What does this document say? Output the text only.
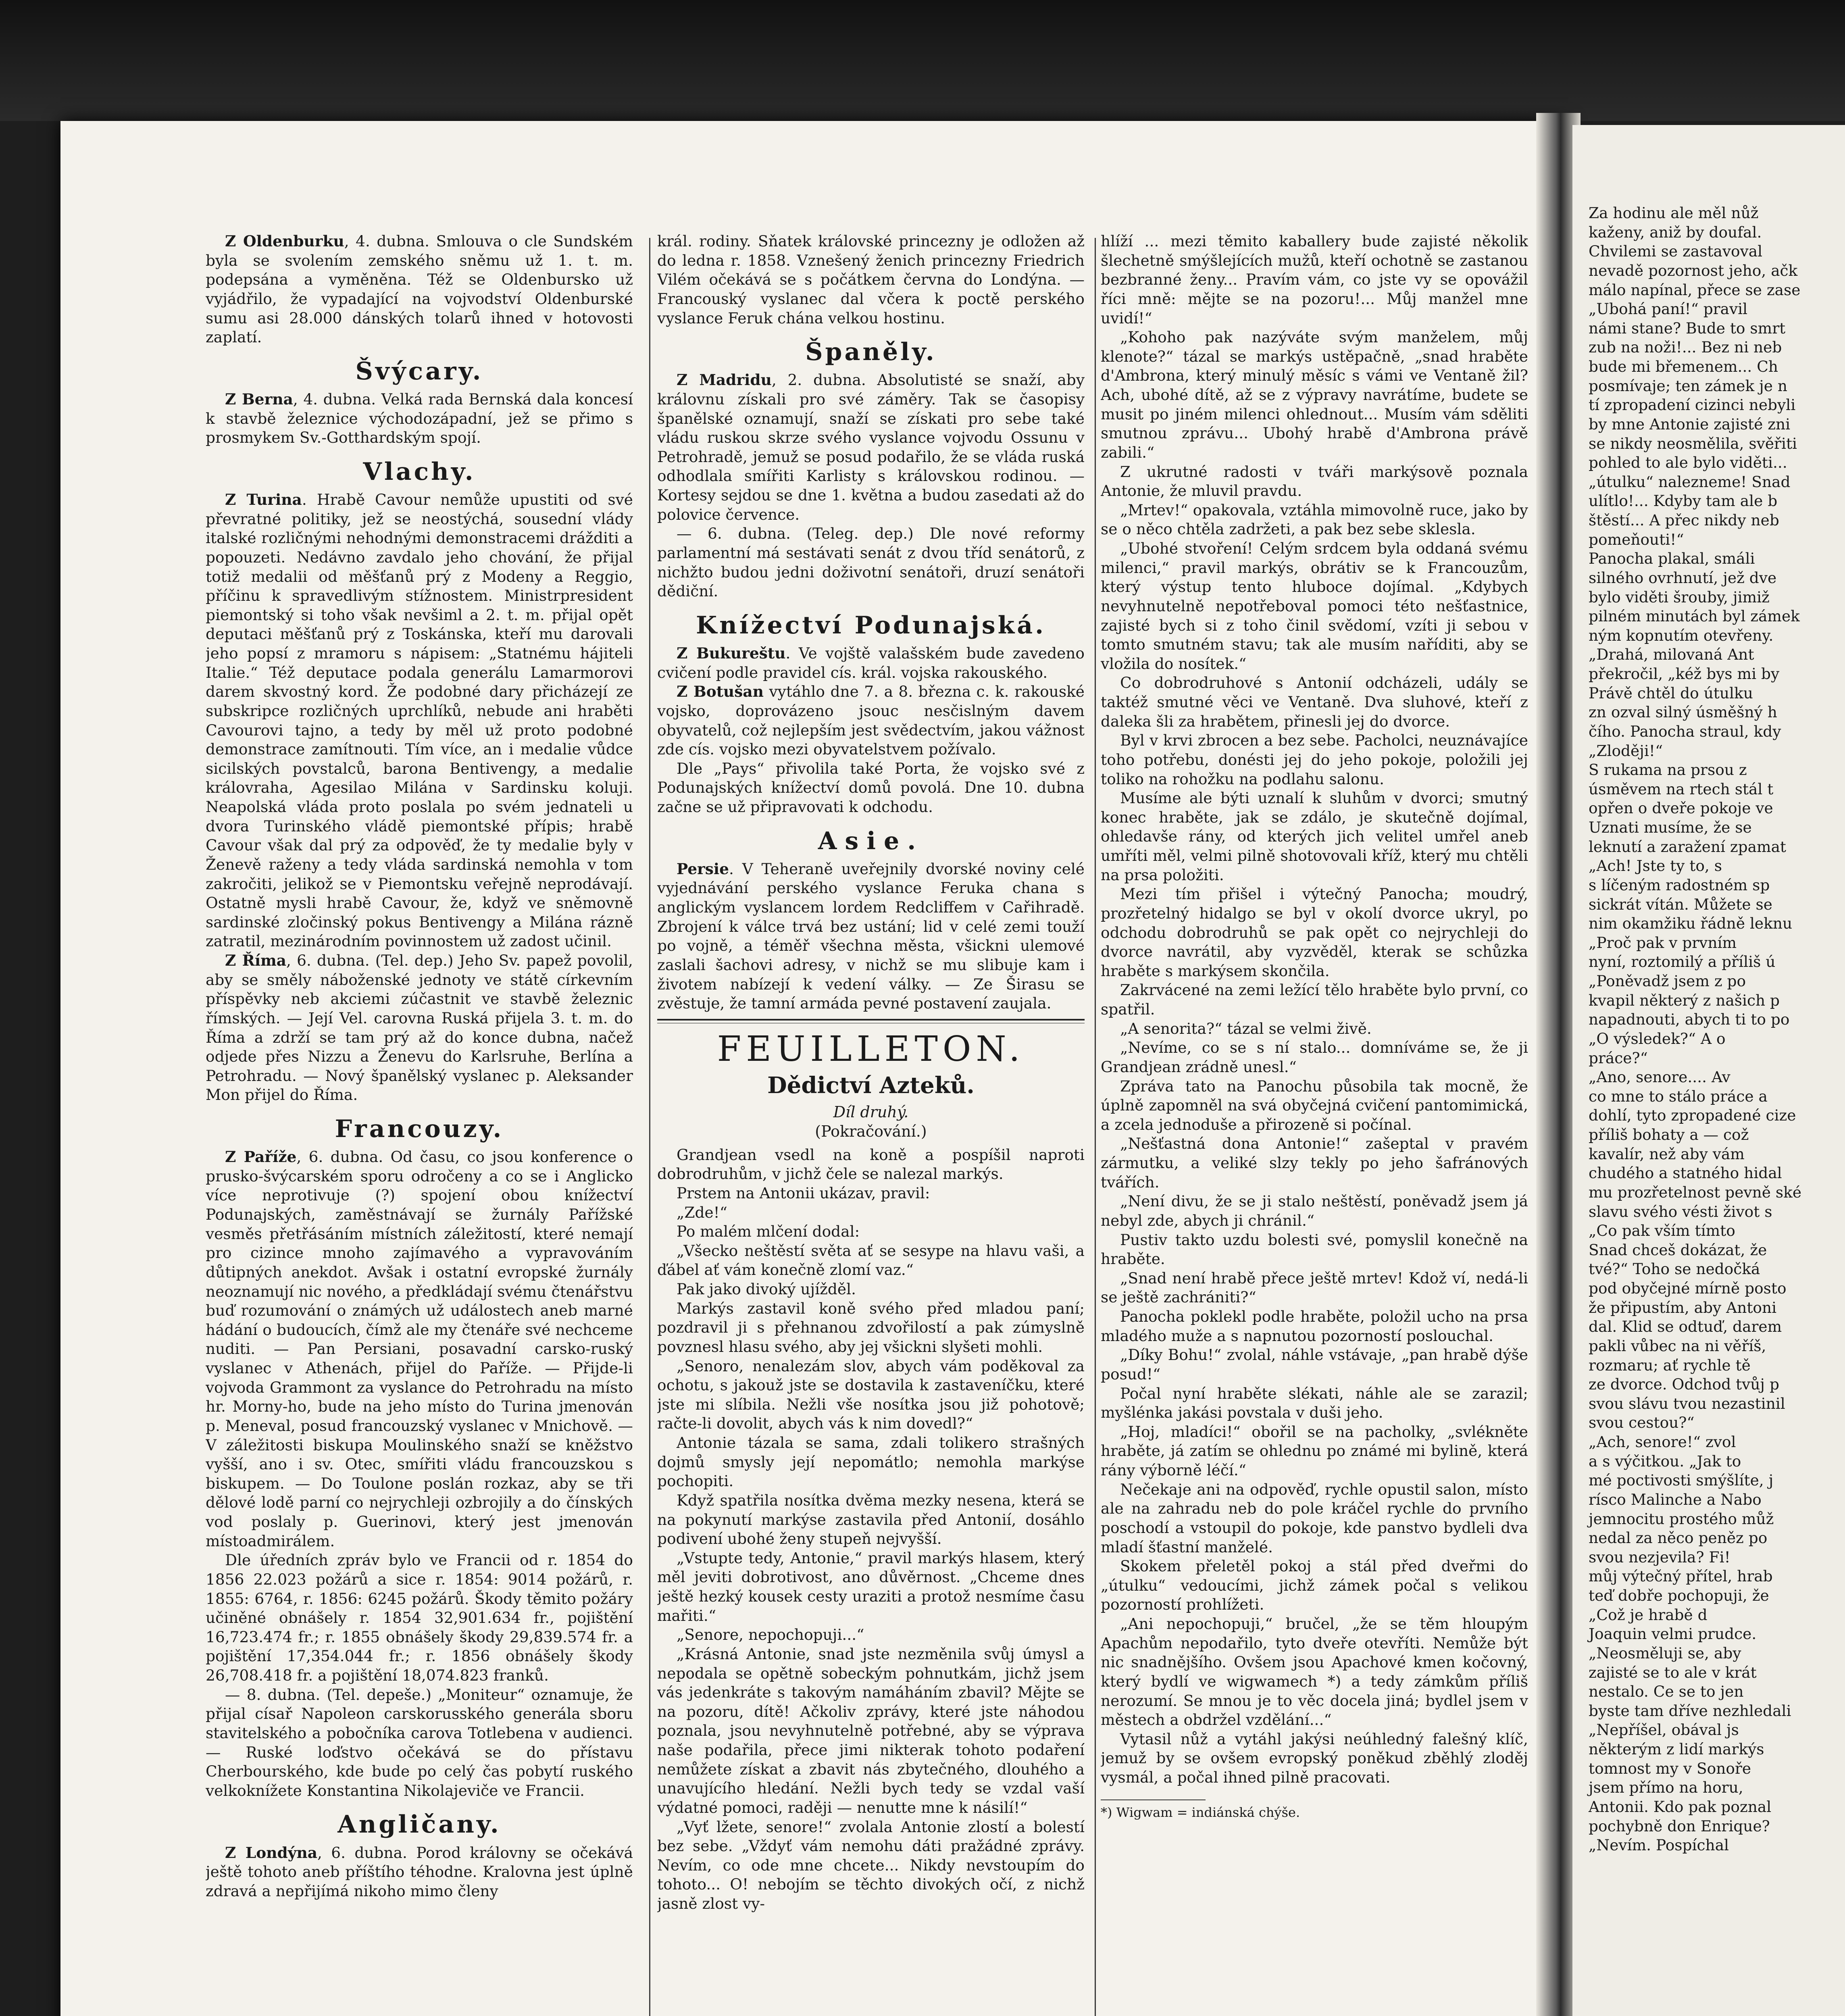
Z Oldenburku, 4. dubna. Smlouva o cle Sundském byla se svolením zemského sněmu už 1. t. m. podepsána a vyměněna. Též se Oldenbursko už vyjádřilo, že vypadající na vojvodství Oldenburské sumu asi 28.000 dánských tolarů ihned v hotovosti zaplatí.

Švýcary.

Z Berna, 4. dubna. Velká rada Bernská dala koncesí k stavbě železnice východozápadní, jež se přimo s prosmykem Sv.-Gotthardským spojí.

Vlachy.

Z Turina. Hrabě Cavour nemůže upustiti od své převratné politiky, jež se neostýchá, sousední vlády italské rozličnými nehodnými demonstracemi drážditi a popouzeti. Nedávno zavdalo jeho chování, že přijal totiž medalii od měšťanů prý z Modeny a Reggio, příčinu k spravedlivým stížnostem. Ministrpresident piemontský si toho však nevšiml a 2. t. m. přijal opět deputaci měšťanů prý z Toskánska, kteří mu darovali jeho popsí z mramoru s nápisem: „Statnému hájiteli Italie.“ Též deputace podala generálu Lamarmorovi darem skvostný kord. Že podobné dary přicházejí ze subskripce rozličných uprchlíků, nebude ani hraběti Cavourovi tajno, a tedy by měl už proto podobné demonstrace zamítnouti. Tím více, an i medalie vůdce sicilských povstalců, barona Bentivengy, a medalie královraha, Agesilao Milána v Sardinsku koluji. Neapolská vláda proto poslala po svém jednateli u dvora Turinského vládě piemontské přípis; hrabě Cavour však dal prý za odpověď, že ty medalie byly v Ženevě raženy a tedy vláda sardinská nemohla v tom zakročiti, jelikož se v Piemontsku veřejně neprodávají. Ostatně mysli hrabě Cavour, že, když ve sněmovně sardinské zločinský pokus Bentivengy a Milána rázně zatratil, mezinárodním povinnostem už zadost učinil.

Z Říma, 6. dubna. (Tel. dep.) Jeho Sv. papež povolil, aby se směly náboženské jednoty ve státě církevním příspěvky neb akciemi zúčastnit ve stavbě železnic římských. — Její Vel. carovna Ruská přijela 3. t. m. do Říma a zdrží se tam prý až do konce dubna, načež odjede přes Nizzu a Ženevu do Karlsruhe, Berlína a Petrohradu. — Nový španělský vyslanec p. Aleksander Mon přijel do Říma.

Francouzy.

Z Paříže, 6. dubna. Od času, co jsou konference o prusko-švýcarském sporu odročeny a co se i Anglicko více neprotivuje (?) spojení obou knížectví Podunajských, zaměstnávají se žurnály Pařížské vesměs přetřásáním místních záležitostí, které nemají pro cizince mnoho zajímavého a vypravováním důtipných anekdot. Avšak i ostatní evropské žurnály neoznamují nic nového, a předkládají svému čtenářstvu buď rozumování o známých už událostech aneb marné hádání o budoucích, čímž ale my čtenáře své nechceme nuditi. — Pan Persiani, posavadní carsko-ruský vyslanec v Athenách, přijel do Paříže. — Přijde-li vojvoda Grammont za vyslance do Petrohradu na místo hr. Morny-ho, bude na jeho místo do Turina jmenován p. Meneval, posud francouzský vyslanec v Mnichově. — V záležitosti biskupa Moulinského snaží se kněžstvo vyšší, ano i sv. Otec, smířiti vládu francouzskou s biskupem. — Do Toulone poslán rozkaz, aby se tři dělové lodě parní co nejrychleji ozbrojily a do čínských vod poslaly p. Guerinovi, který jest jmenován místoadmirálem.

Dle úředních zpráv bylo ve Francii od r. 1854 do 1856 22.023 požárů a sice r. 1854: 9014 požárů, r. 1855: 6764, r. 1856: 6245 požárů. Škody těmito požáry učiněné obnášely r. 1854 32,901.634 fr., pojištění 16,723.474 fr.; r. 1855 obnášely škody 29,839.574 fr. a pojištění 17,354.044 fr.; r. 1856 obnášely škody 26,708.418 fr. a pojištění 18,074.823 franků.

— 8. dubna. (Tel. depeše.) „Moniteur“ oznamuje, že přijal císař Napoleon carskorusského generála sboru stavitelského a pobočníka carova Totlebena v audienci. — Ruské loďstvo očekává se do přístavu Cherbourského, kde bude po celý čas pobytí ruského velkoknížete Konstantina Nikolajeviče ve Francii.

Angličany.

Z Londýna, 6. dubna. Porod královny se očekává ještě tohoto aneb příštího téhodne. Kralovna jest úplně zdravá a nepřijímá nikoho mimo členy

král. rodiny. Sňatek královské princezny je odložen až do ledna r. 1858. Vznešený ženich princezny Friedrich Vilém očekává se s počátkem června do Londýna. — Francouský vyslanec dal včera k poctě perského vyslance Feruk chána velkou hostinu.

Španěly.

Z Madridu, 2. dubna. Absolutisté se snaží, aby královnu získali pro své záměry. Tak se časopisy španělské oznamují, snaží se získati pro sebe také vládu ruskou skrze svého vyslance vojvodu Ossunu v Petrohradě, jemuž se posud podařilo, že se vláda ruská odhodlala smířiti Karlisty s královskou rodinou. — Kortesy sejdou se dne 1. května a budou zasedati až do polovice července.

— 6. dubna. (Teleg. dep.) Dle nové reformy parlamentní má sestávati senát z dvou tříd senátorů, z nichžto budou jedni doživotní senátoři, druzí senátoři dědiční.

Knížectví Podunajská.

Z Bukureštu. Ve vojště valašském bude zavedeno cvičení podle pravidel cís. král. vojska rakouského.

Z Botušan vytáhlo dne 7. a 8. března c. k. rakouské vojsko, doprovázeno jsouc nesčislným davem obyvatelů, což nejlepším jest svědectvím, jakou vážnost zde cís. vojsko mezi obyvatelstvem požívalo.

Dle „Pays“ přivolila také Porta, že vojsko své z Podunajských knížectví domů povolá. Dne 10. dubna začne se už připravovati k odchodu.

Asie.

Persie. V Teheraně uveřejnily dvorské noviny celé vyjednávání perského vyslance Feruka chana s anglickým vyslancem lordem Redcliffem v Cařihradě. Zbrojení k válce trvá bez ustání; lid v celé zemi touží po vojně, a téměř všechna města, všickni ulemové zaslali šachovi adresy, v nichž se mu slibuje kam i životem nabízejí k vedení války. — Ze Širasu se zvěstuje, že tamní armáda pevné postavení zaujala.

FEUILLETON.
Dědictví Azteků.
Díl druhý.
(Pokračování.)

Grandjean vsedl na koně a pospíšil naproti dobrodruhům, v jichž čele se nalezal markýs.

Prstem na Antonii ukázav, pravil:

„Zde!“

Po malém mlčení dodal:

„Všecko neštěstí světa ať se sesype na hlavu vaši, a ďábel ať vám konečně zlomí vaz.“

Pak jako divoký ujížděl.

Markýs zastavil koně svého před mladou paní; pozdravil ji s přehnanou zdvořilostí a pak zúmyslně povznesl hlasu svého, aby jej všickni slyšeti mohli.

„Senoro, nenalezám slov, abych vám poděkoval za ochotu, s jakouž jste se dostavila k zastaveníčku, které jste mi slíbila. Nežli vše nosítka jsou již pohotově; račte-li dovolit, abych vás k nim dovedl?“

Antonie tázala se sama, zdali tolikero strašných dojmů smysly její nepomátlo; nemohla markýse pochopiti.

Když spatřila nosítka dvěma mezky nesena, která se na pokynutí markýse zastavila před Antonií, dosáhlo podivení ubohé ženy stupeň nejvyšší.

„Vstupte tedy, Antonie,“ pravil markýs hlasem, který měl jeviti dobrotivost, ano důvěrnost. „Chceme dnes ještě hezký kousek cesty uraziti a protož nesmíme času mařiti.“

„Senore, nepochopuji...“

„Krásná Antonie, snad jste nezměnila svůj úmysl a nepodala se opětně sobeckým pohnutkám, jichž jsem vás jedenkráte s takovým namáháním zbavil? Mějte se na pozoru, dítě! Ačkoliv zprávy, které jste náhodou poznala, jsou nevyhnutelně potřebné, aby se výprava naše podařila, přece jimi nikterak tohoto podaření nemůžete získat a zbavit nás zbytečného, dlouhého a unavujícího hledání. Nežli bych tedy se vzdal vaší výdatné pomoci, raději — nenutte mne k násilí!“

„Vyť lžete, senore!“ zvolala Antonie zlostí a bolestí bez sebe. „Vždyť vám nemohu dáti pražádné zprávy. Nevím, co ode mne chcete... Nikdy nevstoupím do tohoto... O! nebojím se těchto divokých očí, z nichž jasně zlost vy-

hlíží ... mezi těmito kaballery bude zajisté několik šlechetně smýšlejících mužů, kteří ochotně se zastanou bezbranné ženy... Pravím vám, co jste vy se opovážil říci mně: mějte se na pozoru!... Můj manžel mne uvidí!“

„Kohoho pak nazýváte svým manželem, můj klenote?“ tázal se markýs ustěpačně, „snad hraběte d'Ambrona, který minulý měsíc s vámi ve Ventaně žil? Ach, ubohé dítě, až se z výpravy navrátíme, budete se musit po jiném milenci ohlednout... Musím vám sděliti smutnou zprávu... Ubohý hrabě d'Ambrona právě zabili.“

Z ukrutné radosti v tváři markýsově poznala Antonie, že mluvil pravdu.

„Mrtev!“ opakovala, vztáhla mimovolně ruce, jako by se o něco chtěla zadržeti, a pak bez sebe sklesla.

„Ubohé stvoření! Celým srdcem byla oddaná svému milenci,“ pravil markýs, obrátiv se k Francouzům, který výstup tento hluboce dojímal. „Kdybych nevyhnutelně nepotřeboval pomoci této nešťastnice, zajisté bych si z toho činil svědomí, vzíti ji sebou v tomto smutném stavu; tak ale musím naříditi, aby se vložila do nosítek.“

Co dobrodruhové s Antonií odcházeli, udály se taktéž smutné věci ve Ventaně. Dva sluhové, kteří z daleka šli za hrabětem, přinesli jej do dvorce.

Byl v krvi zbrocen a bez sebe. Pacholci, neuznávajíce toho potřebu, donésti jej do jeho pokoje, položili jej toliko na rohožku na podlahu salonu.

Musíme ale býti uznalí k sluhům v dvorci; smutný konec hraběte, jak se zdálo, je skutečně dojímal, ohledavše rány, od kterých jich velitel umřel aneb umříti měl, velmi pilně shotovovali kříž, který mu chtěli na prsa položiti.

Mezi tím přišel i výtečný Panocha; moudrý, prozřetelný hidalgo se byl v okolí dvorce ukryl, po odchodu dobrodruhů se pak opět co nejrychleji do dvorce navrátil, aby vyzvěděl, kterak se schůzka hraběte s markýsem skončila.

Zakrvácené na zemi ležící tělo hraběte bylo první, co spatřil.

„A senorita?“ tázal se velmi živě.

„Nevíme, co se s ní stalo... domníváme se, že ji Grandjean zrádně unesl.“

Zpráva tato na Panochu působila tak mocně, že úplně zapomněl na svá obyčejná cvičení pantomimická, a zcela jednoduše a přirozeně si počínal.

„Nešťastná dona Antonie!“ zašeptal v pravém zármutku, a veliké slzy tekly po jeho šafránových tvářích.

„Není divu, že se ji stalo neštěstí, poněvadž jsem já nebyl zde, abych ji chránil.“

Pustiv takto uzdu bolesti své, pomyslil konečně na hraběte.

„Snad není hrabě přece ještě mrtev! Kdož ví, nedá-li se ještě zachrániti?“

Panocha poklekl podle hraběte, položil ucho na prsa mladého muže a s napnutou pozorností poslouchal.

„Díky Bohu!“ zvolal, náhle vstávaje, „pan hrabě dýše posud!“

Počal nyní hraběte slékati, náhle ale se zarazil; myšlénka jakási povstala v duši jeho.

„Hoj, mladíci!“ obořil se na pacholky, „svlékněte hraběte, já zatím se ohlednu po známé mi bylině, která rány výborně léčí.“

Nečekaje ani na odpověď, rychle opustil salon, místo ale na zahradu neb do pole kráčel rychle do prvního poschodí a vstoupil do pokoje, kde panstvo bydleli dva mladí šťastní manželé.

Skokem přeletěl pokoj a stál před dveřmi do „útulku“ vedoucími, jichž zámek počal s velikou pozorností prohlížeti.

„Ani nepochopuji,“ bručel, „že se těm hloupým Apachům nepodařilo, tyto dveře otevříti. Nemůže být nic snadnějšího. Ovšem jsou Apachové kmen kočovný, který bydlí ve wigwamech *) a tedy zámkům příliš nerozumí. Se mnou je to věc docela jiná; bydlel jsem v městech a obdržel vzdělání...“

Vytasil nůž a vytáhl jakýsi neúhledný falešný klíč, jemuž by se ovšem evropský poněkud zběhlý zloděj vysmál, a počal ihned pilně pracovati.

*) Wigwam = indiánská chýše.

Za hodinu ale měl nůž

kaženy, aniž by doufal.

Chvilemi se zastavoval

nevadě pozornost jeho, ačk

málo napínal, přece se zase

„Ubohá paní!“ pravil

námi stane? Bude to smrt

zub na noži!... Bez ni neb

bude mi břemenem... Ch

posmívaje; ten zámek je n

tí zpropadení cizinci nebyli

by mne Antonie zajisté zni

se nikdy neosmělila, svěřiti

pohled to ale bylo viděti...

„útulku“ nalezneme! Snad

ulítlo!... Kdyby tam ale b

štěstí... A přec nikdy neb

pomeňouti!“

Panocha plakal, smáli

silného ovrhnutí, jež dve

bylo viděti šrouby, jimiž

pilném minutách byl zámek

ným kopnutím otevřeny.

„Drahá, milovaná Ant

překročil, „kéž bys mi by

Právě chtěl do útulku

zn ozval silný úsměšný h

čího. Panocha straul, kdy

„Zloději!“

S rukama na prsou z

úsměvem na rtech stál t

opřen o dveře pokoje ve

Uznati musíme, že se

leknutí a zaražení zpamat

„Ach! Jste ty to, s

s líčeným radostném sp

sickrát vítán. Můžete se

nim okamžiku řádně leknu

„Proč pak v prvním

nyní, roztomilý a příliš ú

„Poněvadž jsem z po

kvapil některý z našich p

napadnouti, abych ti to po

„O výsledek?“ A o

práce?“

„Ano, senore.... Av

co mne to stálo práce a

dohlí, tyto zpropadené cize

příliš bohaty a — což

kavalír, než aby vám

chudého a statného hidal

mu prozřetelnost pevně ské

slavu svého vésti život s

„Co pak vším tímto

Snad chceš dokázat, že

tvé?“ Toho se nedočká

pod obyčejné mírně posto

že připustím, aby Antoni

dal. Klid se odtuď, darem

pakli vůbec na ni věříš,

rozmaru; ať rychle tě

ze dvorce. Odchod tvůj p

svou slávu tvou nezastinil

svou cestou?“

„Ach, senore!“ zvol

a s výčitkou. „Jak to

mé poctivosti smýšlíte, j

rísco Malinche a Nabo

jemnocitu prostého můž

nedal za něco peněz po

svou nezjevila? Fi!

můj výtečný přítel, hrab

teď dobře pochopuji, že

„Což je hrabě d

Joaquin velmi prudce.

„Neosměluji se, aby

zajisté se to ale v krát

nestalo. Ce se to jen

byste tam dříve nezhledali

„Nepříšel, obával js

některým z lidí markýs

tomnost my v Sonoře

jsem přímo na horu,

Antonii. Kdo pak poznal

pochybně don Enrique?

„Nevím. Pospíchal
